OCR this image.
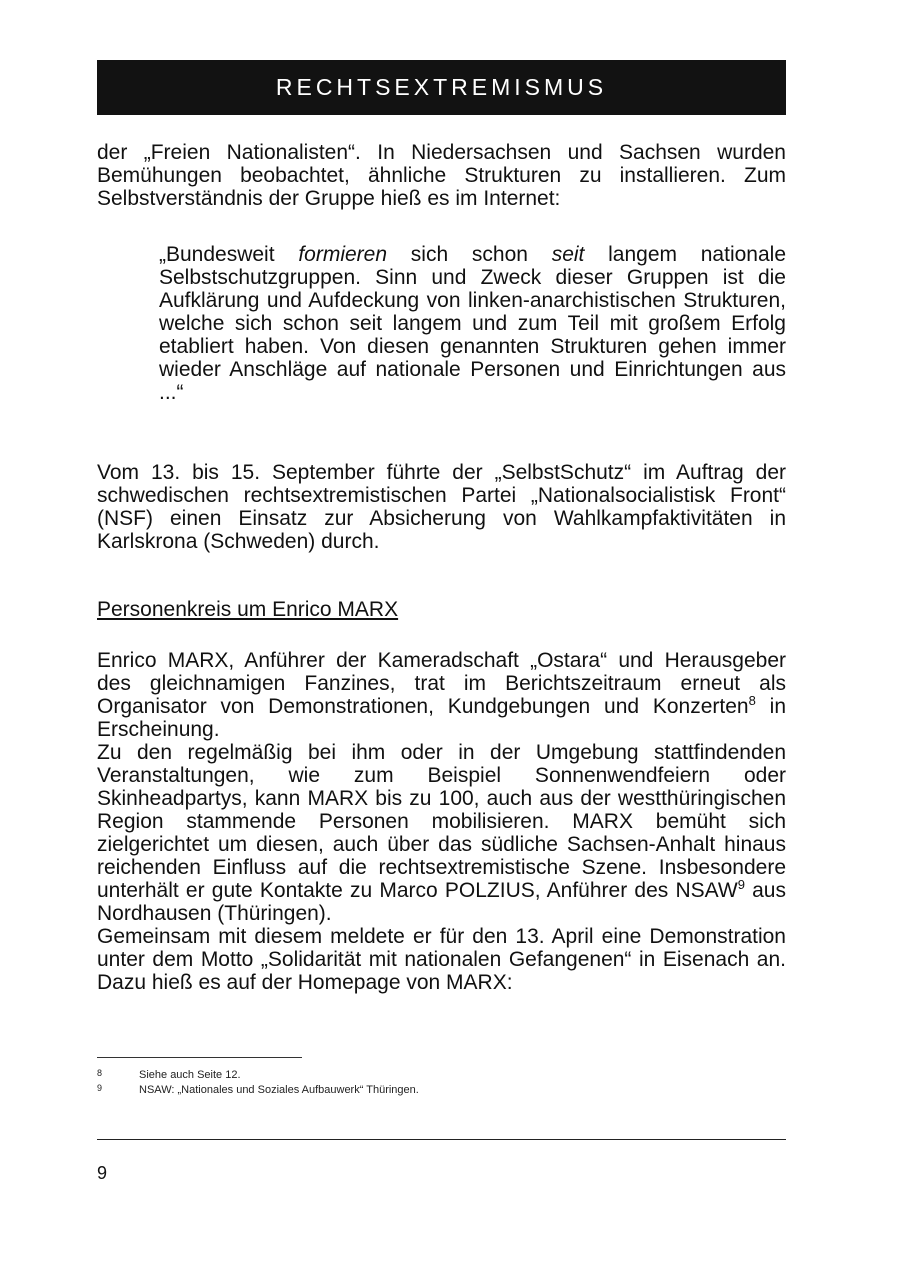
RECHTSEXTREMISMUS

der „Freien Nationalisten“. In Niedersachsen und Sachsen wurden Bemühungen beobachtet, ähnliche Strukturen zu installieren. Zum Selbstverständnis der Gruppe hieß es im Internet:

„Bundesweit formieren sich schon seit langem nationale Selbstschutzgruppen. Sinn und Zweck dieser Gruppen ist die Aufklärung und Aufdeckung von linken-anarchistischen Strukturen, welche sich schon seit langem und zum Teil mit großem Erfolg etabliert haben. Von diesen genannten Strukturen gehen immer wieder Anschläge auf nationale Personen und Einrichtungen aus ...“

Vom 13. bis 15. September führte der „SelbstSchutz“ im Auftrag der schwedischen rechtsextremistischen Partei „Nationalsocialistisk Front“ (NSF) einen Einsatz zur Absicherung von Wahlkampfaktivitäten in Karlskrona (Schweden) durch.

Personenkreis um Enrico MARX

Enrico MARX, Anführer der Kameradschaft „Ostara“ und Herausgeber des gleichnamigen Fanzines, trat im Berichtszeitraum erneut als Organisator von Demonstrationen, Kundgebungen und Konzerten$^8$ in Erscheinung.

Zu den regelmäßig bei ihm oder in der Umgebung stattfindenden Veranstaltungen, wie zum Beispiel Sonnenwendfeiern oder Skinheadpartys, kann MARX bis zu 100, auch aus der westthüringischen Region stammende Personen mobilisieren. MARX bemüht sich zielgerichtet um diesen, auch über das südliche Sachsen-Anhalt hinaus reichenden Einfluss auf die rechtsextremistische Szene. Insbesondere unterhält er gute Kontakte zu Marco POLZIUS, Anführer des NSAW$^9$ aus Nordhausen (Thüringen).

Gemeinsam mit diesem meldete er für den 13. April eine Demonstration unter dem Motto „Solidarität mit nationalen Gefangenen“ in Eisenach an. Dazu hieß es auf der Homepage von MARX:

8	Siehe auch Seite 12.
9	NSAW: „Nationales und Soziales Aufbauwerk“ Thüringen.
9
